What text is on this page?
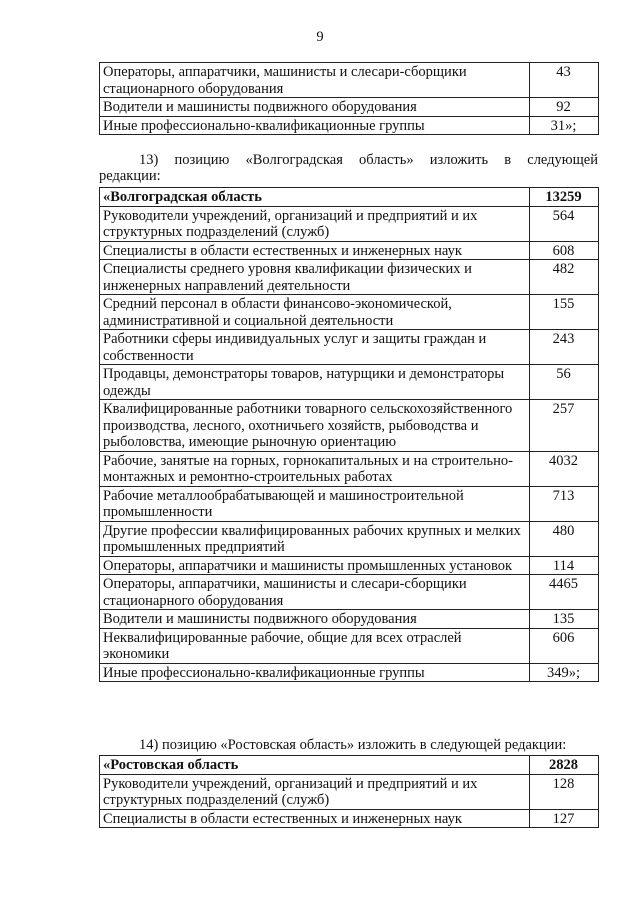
9
Операторы, аппаратчики, машинисты и слесари-сборщики стационарного оборудования	43
Водители и машинисты подвижного оборудования	92
Иные профессионально-квалификационные группы	31»;

13) позицию «Волгоградская область» изложить в следующей

редакции:

«Волгоградская область	13259
Руководители учреждений, организаций и предприятий и их структурных подразделений (служб)	564
Специалисты в области естественных и инженерных наук	608
Специалисты среднего уровня квалификации физических и инженерных направлений деятельности	482
Средний персонал в области финансово-экономической, административной и социальной деятельности	155
Работники сферы индивидуальных услуг и защиты граждан и собственности	243
Продавцы, демонстраторы товаров, натурщики и демонстраторы одежды	56
Квалифицированные работники товарного сельскохозяйственного производства, лесного, охотничьего хозяйств, рыбоводства и рыболовства, имеющие рыночную ориентацию	257
Рабочие, занятые на горных, горнокапитальных и на строительно-монтажных и ремонтно-строительных работах	4032
Рабочие металлообрабатывающей и машиностроительной промышленности	713
Другие профессии квалифицированных рабочих крупных и мелких промышленных предприятий	480
Операторы, аппаратчики и машинисты промышленных установок	114
Операторы, аппаратчики, машинисты и слесари-сборщики стационарного оборудования	4465
Водители и машинисты подвижного оборудования	135
Неквалифицированные рабочие, общие для всех отраслей экономики	606
Иные профессионально-квалификационные группы	349»;

14) позицию «Ростовская область» изложить в следующей редакции:

«Ростовская область	2828
Руководители учреждений, организаций и предприятий и их структурных подразделений (служб)	128
Специалисты в области естественных и инженерных наук	127
